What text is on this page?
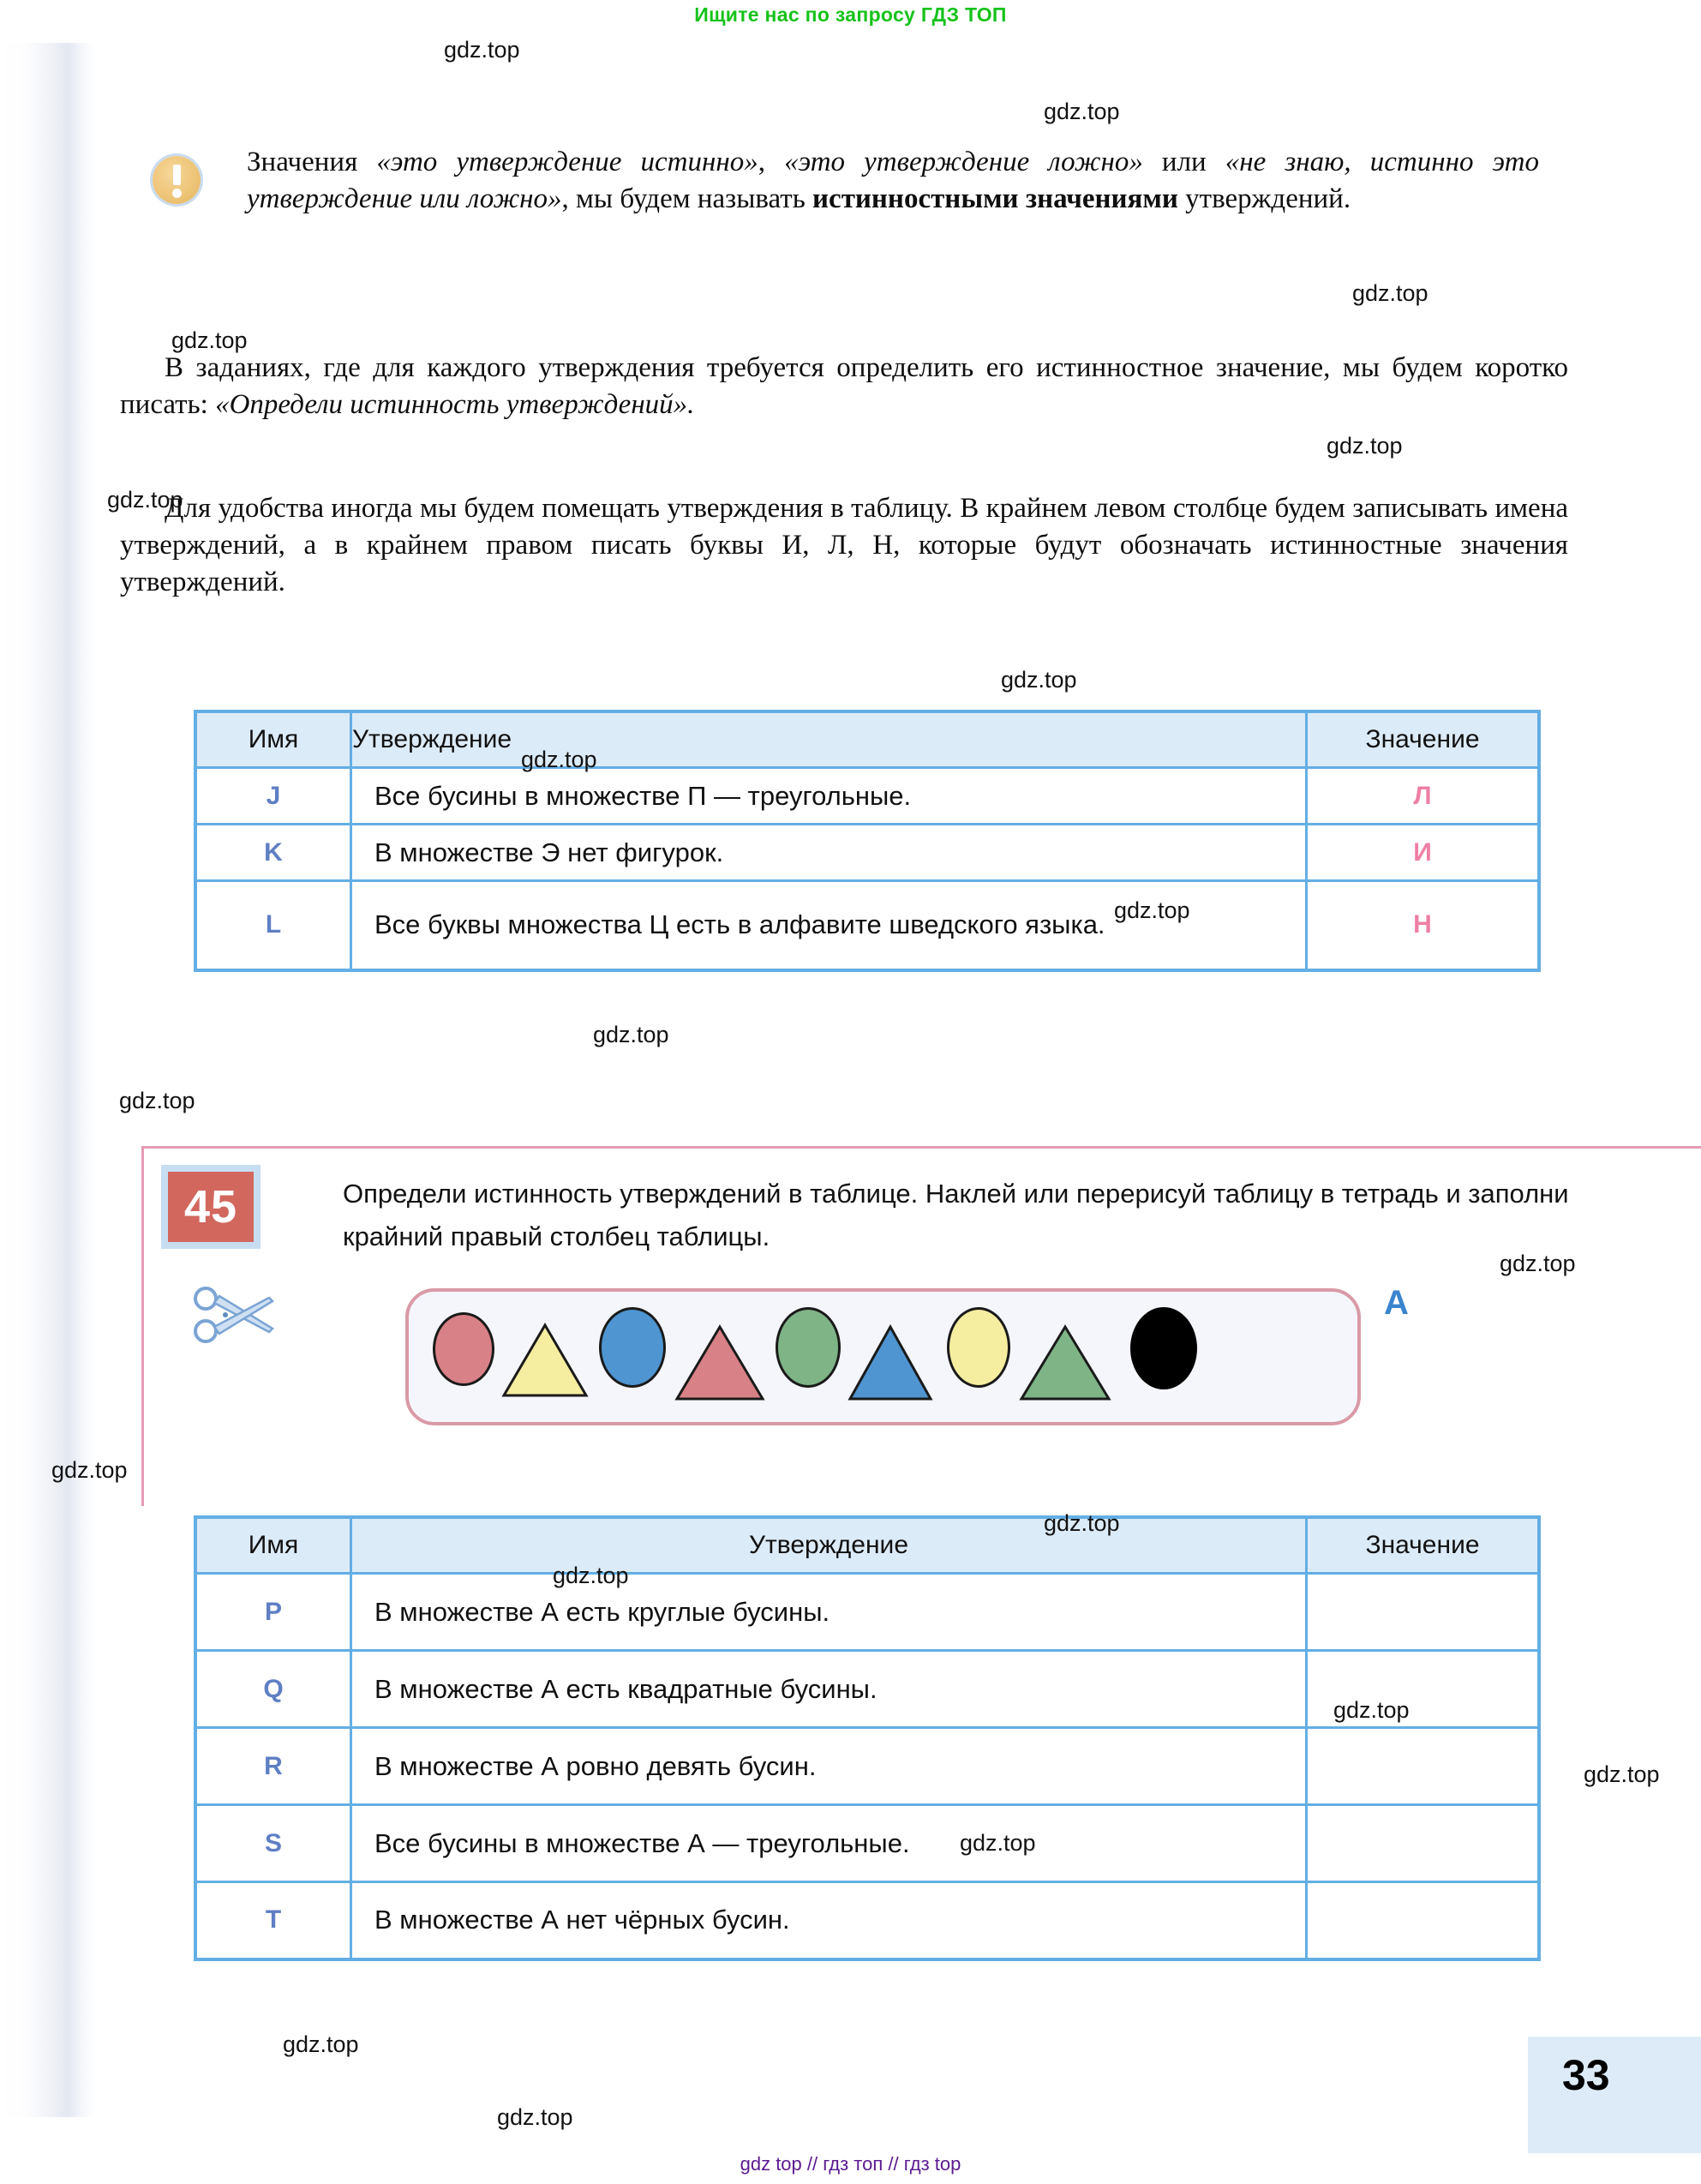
Ищите нас по запросу ГДЗ ТОП
Значения «это утверждение истинно», «это утверждение ложно» или «не знаю, истинно это утверждение или ложно», мы будем называть истинностными значениями утверждений.
В заданиях, где для каждого утверждения требуется определить его истинностное значение, мы будем коротко писать: «Определи истинность утверждений».
Для удобства иногда мы будем помещать утверждения в таблицу. В крайнем левом столбце будем записывать имена утверждений, а в крайнем правом писать буквы И, Л, Н, которые будут обозначать истинностные значения утверждений.
Имя	Утверждение	Значение
J	Все бусины в множестве П — треугольные.	Л
K	В множестве Э нет фигурок.	И
L	Все буквы множества Ц есть в алфавите шведского языка.	Н
45	Определи истинность утверждений в таблице. Наклей или перерисуй таблицу в тетрадь и заполни крайний правый столбец таблицы.
A
Имя	Утверждение	Значение
P	В множестве А есть круглые бусины.	
Q	В множестве А есть квадратные бусины.	
R	В множестве А ровно девять бусин.	
S	Все бусины в множестве А — треугольные.	
T	В множестве А нет чёрных бусин.	
33
gdz top // гдз топ // гдз top
gdz.top
gdz.top
gdz.top
gdz.top
gdz.top
gdz.top
gdz.top
gdz.top
gdz.top
gdz.top
gdz.top
gdz.top
gdz.top
gdz.top
gdz.top
gdz.top
gdz.top
gdz.top
gdz.top
gdz.top
